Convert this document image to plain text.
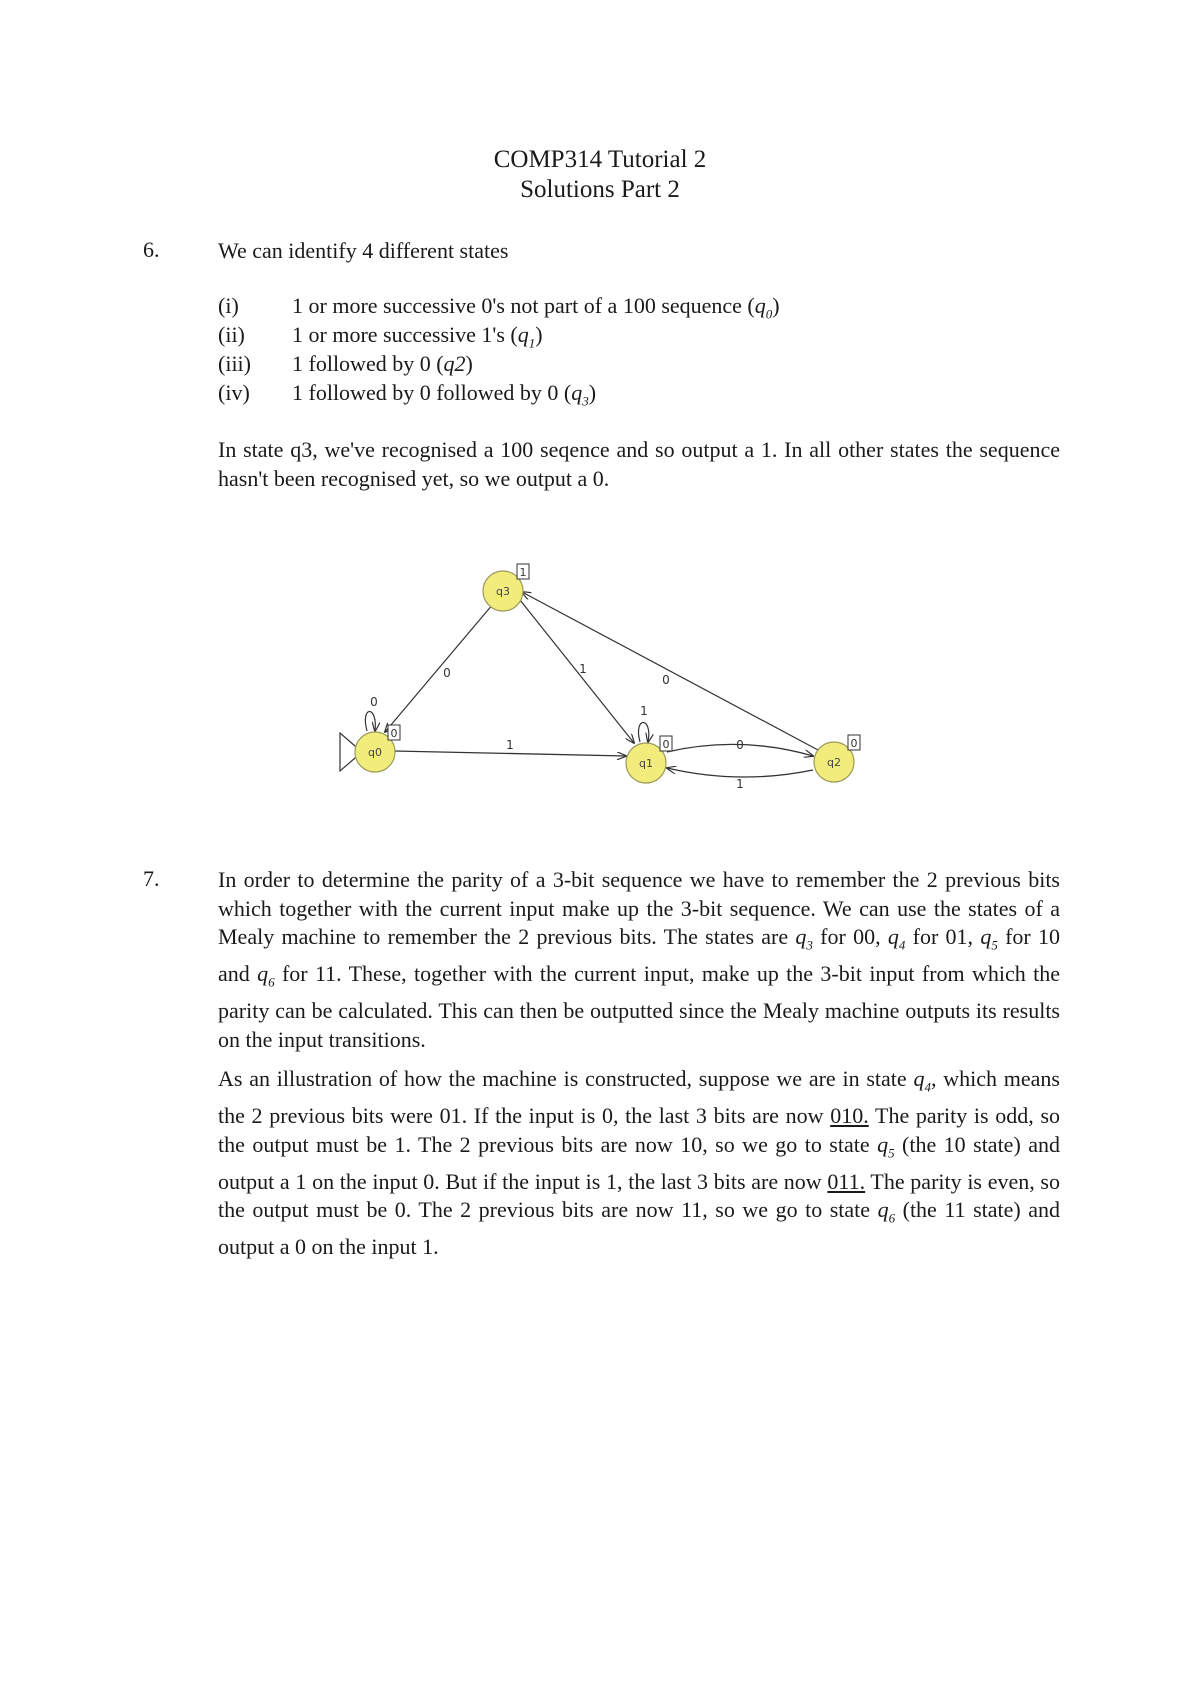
COMP314 Tutorial 2
Solutions Part 2
6.	We can identify 4 different states
(i) 1 or more successive 0's not part of a 100 sequence $(q_0)$
(ii) 1 or more successive 1's $(q_1)$
(iii) 1 followed by 0 (q2)
(iv) 1 followed by 0 followed by 0 $(q_3)$
In state q3, we've recognised a 100 seqence and so output a 1. In all other states the sequence hasn't been recognised yet, so we output a 0.
0
1
1
0
1
0
1
0
q3
1
q0
0
q1
0
q2
0
7.	In order to determine the parity of a 3-bit sequence we have to remember the 2 previous bits which together with the current input make up the 3-bit sequence. We can use the states of a Mealy machine to remember the 2 previous bits. The states are $q_3$ for 00, $q_4$ for 01, $q_5$ for 10 and $q_6$ for 11. These, together with the current input, make up the 3-bit input from which the parity can be calculated. This can then be outputted since the Mealy machine outputs its results on the input transitions.

As an illustration of how the machine is constructed, suppose we are in state $q_4$, which means the 2 previous bits were 01. If the input is 0, the last 3 bits are now 010. The parity is odd, so the output must be 1. The 2 previous bits are now 10, so we go to state $q_5$ (the 10 state) and output a 1 on the input 0. But if the input is 1, the last 3 bits are now 011. The parity is even, so the output must be 0. The 2 previous bits are now 11, so we go to state $q_6$ (the 11 state) and output a 0 on the input 1.
